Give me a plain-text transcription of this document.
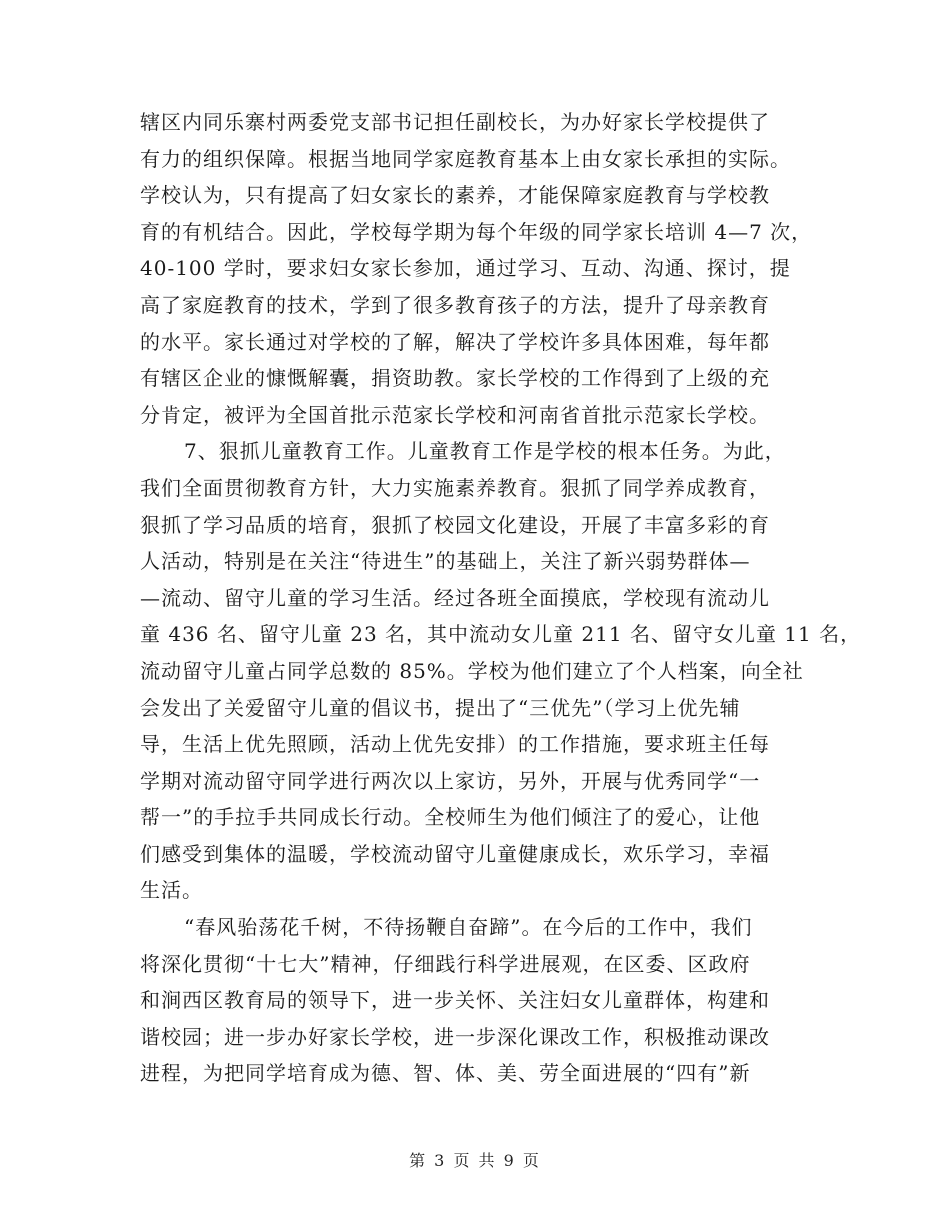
辖区内同乐寨村两委党支部书记担任副校长，为办好家长学校提供了
有力的组织保障。根据当地同学家庭教育基本上由女家长承担的实际。
学校认为，只有提高了妇女家长的素养，才能保障家庭教育与学校教
育的有机结合。因此，学校每学期为每个年级的同学家长培训 4—7 次，
40-100 学时，要求妇女家长参加，通过学习、互动、沟通、探讨，提
高了家庭教育的技术，学到了很多教育孩子的方法，提升了母亲教育
的水平。家长通过对学校的了解，解决了学校许多具体困难，每年都
有辖区企业的慷慨解囊，捐资助教。家长学校的工作得到了上级的充
分肯定，被评为全国首批示范家长学校和河南省首批示范家长学校。
7、狠抓儿童教育工作。儿童教育工作是学校的根本任务。为此，
我们全面贯彻教育方针，大力实施素养教育。狠抓了同学养成教育，
狠抓了学习品质的培育，狠抓了校园文化建设，开展了丰富多彩的育
人活动，特别是在关注“待进生”的基础上，关注了新兴弱势群体—
—流动、留守儿童的学习生活。经过各班全面摸底，学校现有流动儿
童 436 名、留守儿童 23 名，其中流动女儿童 211 名、留守女儿童 11 名，
流动留守儿童占同学总数的 85%。学校为他们建立了个人档案，向全社
会发出了关爱留守儿童的倡议书，提出了“三优先”（学习上优先辅
导，生活上优先照顾，活动上优先安排）的工作措施，要求班主任每
学期对流动留守同学进行两次以上家访，另外，开展与优秀同学“一
帮一”的手拉手共同成长行动。全校师生为他们倾注了的爱心，让他
们感受到集体的温暖，学校流动留守儿童健康成长，欢乐学习，幸福
生活。
“春风骀荡花千树，不待扬鞭自奋蹄”。在今后的工作中，我们
将深化贯彻“十七大”精神，仔细践行科学进展观，在区委、区政府
和涧西区教育局的领导下，进一步关怀、关注妇女儿童群体，构建和
谐校园；进一步办好家长学校，进一步深化课改工作，积极推动课改
进程，为把同学培育成为德、智、体、美、劳全面进展的“四有”新
第 3 页 共 9 页
